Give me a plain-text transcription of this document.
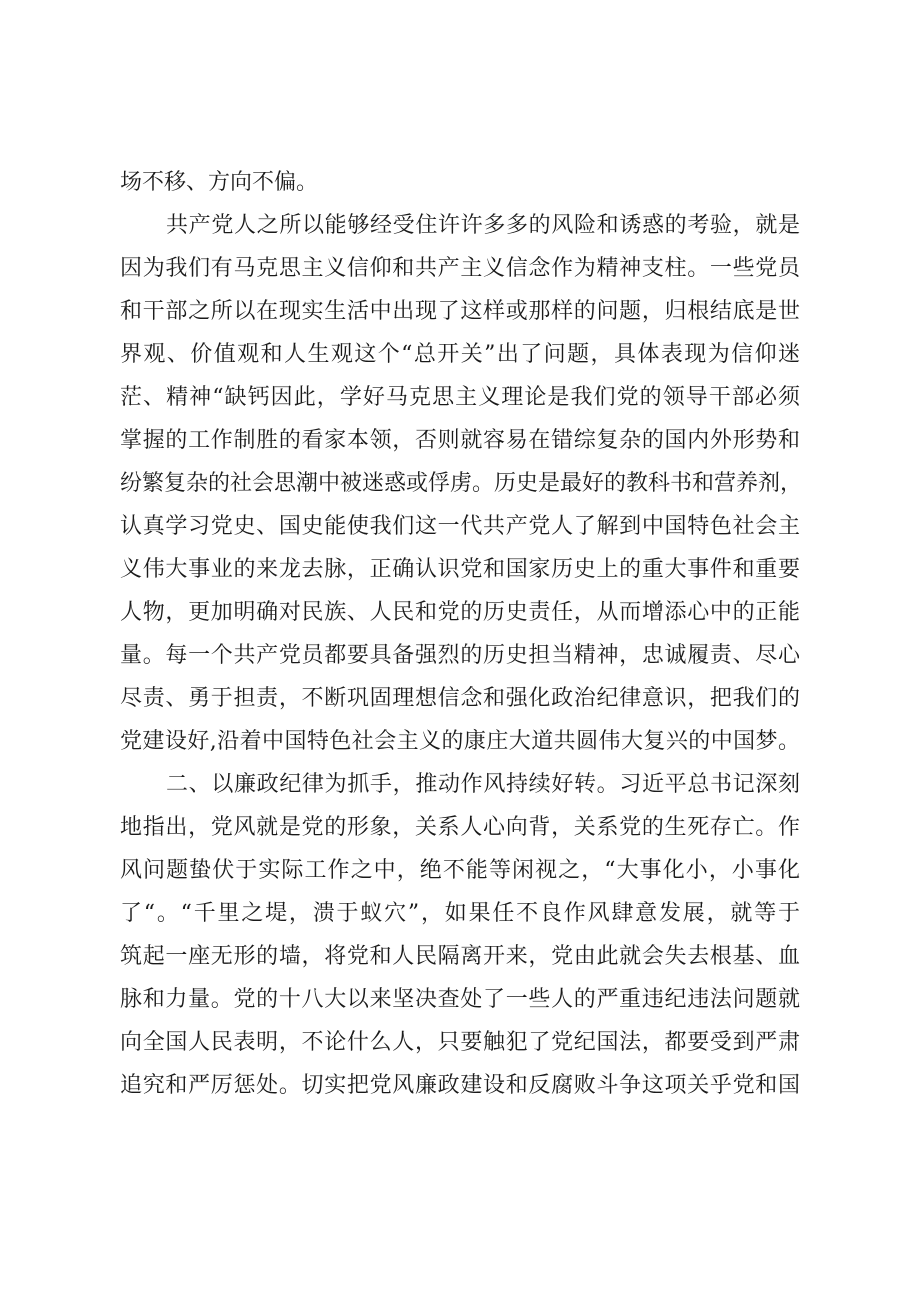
场不移、方向不偏。
共产党人之所以能够经受住许许多多的风险和诱惑的考验，就是
因为我们有马克思主义信仰和共产主义信念作为精神支柱。一些党员
和干部之所以在现实生活中出现了这样或那样的问题，归根结底是世
界观、价值观和人生观这个“总开关”出了问题，具体表现为信仰迷
茫、精神“缺钙因此，学好马克思主义理论是我们党的领导干部必须
掌握的工作制胜的看家本领，否则就容易在错综复杂的国内外形势和
纷繁复杂的社会思潮中被迷惑或俘虏。历史是最好的教科书和营养剂，
认真学习党史、国史能使我们这一代共产党人了解到中国特色社会主
义伟大事业的来龙去脉，正确认识党和国家历史上的重大事件和重要
人物，更加明确对民族、人民和党的历史责任，从而增添心中的正能
量。每一个共产党员都要具备强烈的历史担当精神，忠诚履责、尽心
尽责、勇于担责，不断巩固理想信念和强化政治纪律意识，把我们的
党建设好,沿着中国特色社会主义的康庄大道共圆伟大复兴的中国梦。
二、以廉政纪律为抓手，推动作风持续好转。习近平总书记深刻
地指出，党风就是党的形象，关系人心向背，关系党的生死存亡。作
风问题蛰伏于实际工作之中，绝不能等闲视之，“大事化小，小事化
了“。“千里之堤，溃于蚁穴”，如果任不良作风肆意发展，就等于
筑起一座无形的墙，将党和人民隔离开来，党由此就会失去根基、血
脉和力量。党的十八大以来坚决查处了一些人的严重违纪违法问题就
向全国人民表明，不论什么人，只要触犯了党纪国法，都要受到严肃
追究和严厉惩处。切实把党风廉政建设和反腐败斗争这项关乎党和国
